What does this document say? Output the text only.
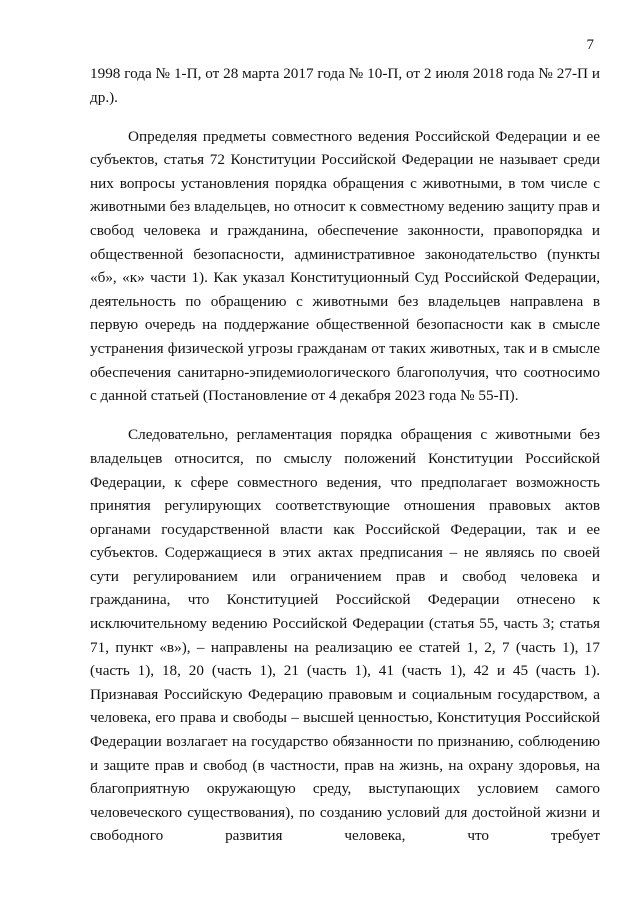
7

1998 года № 1-П, от 28 марта 2017 года № 10-П, от 2 июля 2018 года № 27-П и др.).

Определяя предметы совместного ведения Российской Федерации и ее субъектов, статья 72 Конституции Российской Федерации не называет среди них вопросы установления порядка обращения с животными, в том числе с животными без владельцев, но относит к совместному ведению защиту прав и свобод человека и гражданина, обеспечение законности, правопорядка и общественной безопасности, административное законодательство (пункты «б», «к» части 1). Как указал Конституционный Суд Российской Федерации, деятельность по обращению с животными без владельцев направлена в первую очередь на поддержание общественной безопасности как в смысле устранения физической угрозы гражданам от таких животных, так и в смысле обеспечения санитарно-эпидемиологического благополучия, что соотносимо с данной статьей (Постановление от 4 декабря 2023 года № 55-П).

Следовательно, регламентация порядка обращения с животными без владельцев относится, по смыслу положений Конституции Российской Федерации, к сфере совместного ведения, что предполагает возможность принятия регулирующих соответствующие отношения правовых актов органами государственной власти как Российской Федерации, так и ее субъектов. Содержащиеся в этих актах предписания – не являясь по своей сути регулированием или ограничением прав и свобод человека и гражданина, что Конституцией Российской Федерации отнесено к исключительному ведению Российской Федерации (статья 55, часть 3; статья 71, пункт «в»), – направлены на реализацию ее статей 1, 2, 7 (часть 1), 17 (часть 1), 18, 20 (часть 1), 21 (часть 1), 41 (часть 1), 42 и 45 (часть 1). Признавая Российскую Федерацию правовым и социальным государством, а человека, его права и свободы – высшей ценностью, Конституция Российской Федерации возлагает на государство обязанности по признанию, соблюдению и защите прав и свобод (в частности, прав на жизнь, на охрану здоровья, на благоприятную окружающую среду, выступающих условием самого человеческого существования), по созданию условий для достойной жизни и свободного развития человека, что требует
